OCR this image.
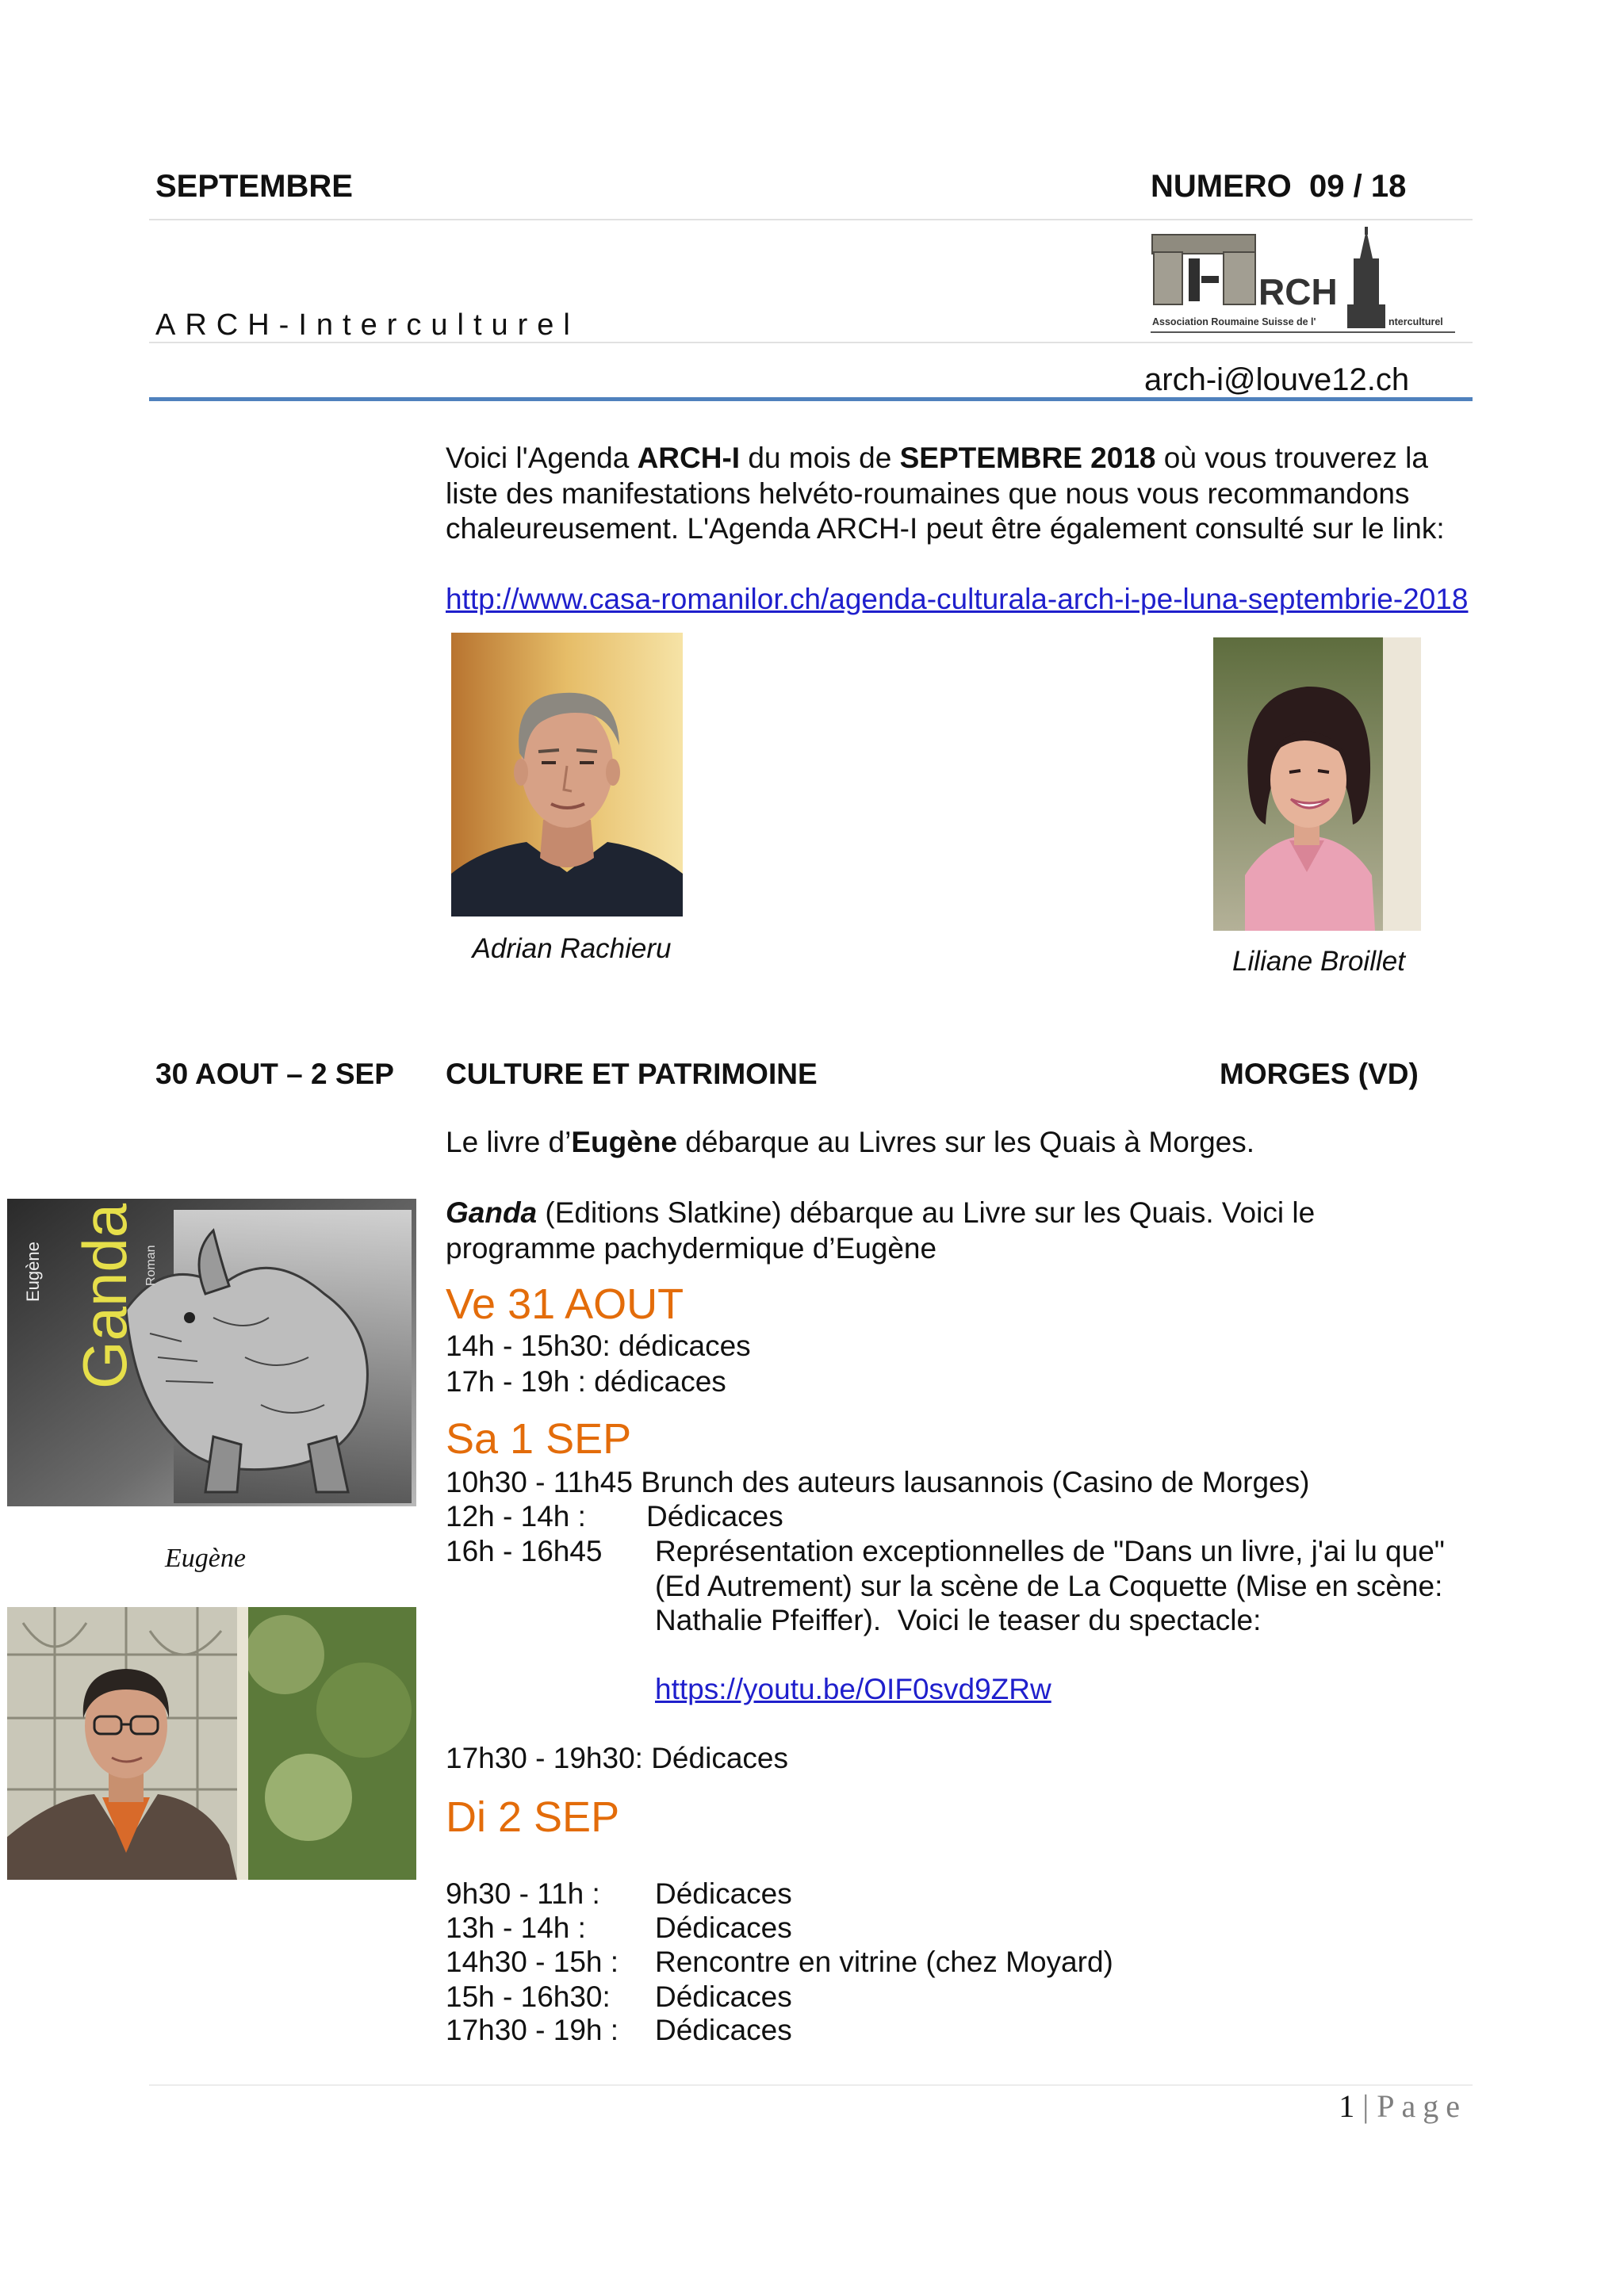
SEPTEMBRE	NUMERO  09 / 18
RCH
Association Roumaine Suisse de l'	nterculturel
ARCH-Interculturel
arch-i@louve12.ch
Voici l'Agenda ARCH-I du mois de SEPTEMBRE 2018 où vous trouverez la
liste des manifestations helvéto-roumaines que nous vous recommandons
chaleureusement. L'Agenda ARCH-I peut être également consulté sur le link:
http://www.casa-romanilor.ch/agenda-culturala-arch-i-pe-luna-septembrie-2018
Adrian Rachieru	Liliane Broillet
30 AOUT – 2 SEP CULTURE ET PATRIMOINE	MORGES (VD)
Le livre d’Eugène débarque au Livres sur les Quais à Morges.
Ganda (Editions Slatkine) débarque au Livre sur les Quais. Voici le
programme pachydermique d’Eugène
Eugène Ganda Roman
Eugène
Ve 31 AOUT
14h - 15h30: dédicaces
17h - 19h : dédicaces
Sa 1 SEP
10h30 - 11h45 Brunch des auteurs lausannois (Casino de Morges)
12h - 14h : Dédicaces
16h - 16h45 Représentation exceptionnelles de "Dans un livre, j'ai lu que"
(Ed Autrement) sur la scène de La Coquette (Mise en scène:
Nathalie Pfeiffer).  Voici le teaser du spectacle:
https://youtu.be/OIF0svd9ZRw
17h30 - 19h30: Dédicaces
Di 2 SEP
9h30 - 11h : Dédicaces
13h - 14h : Dédicaces
14h30 - 15h : Rencontre en vitrine (chez Moyard)
15h - 16h30: Dédicaces
17h30 - 19h : Dédicaces
1 | Page
